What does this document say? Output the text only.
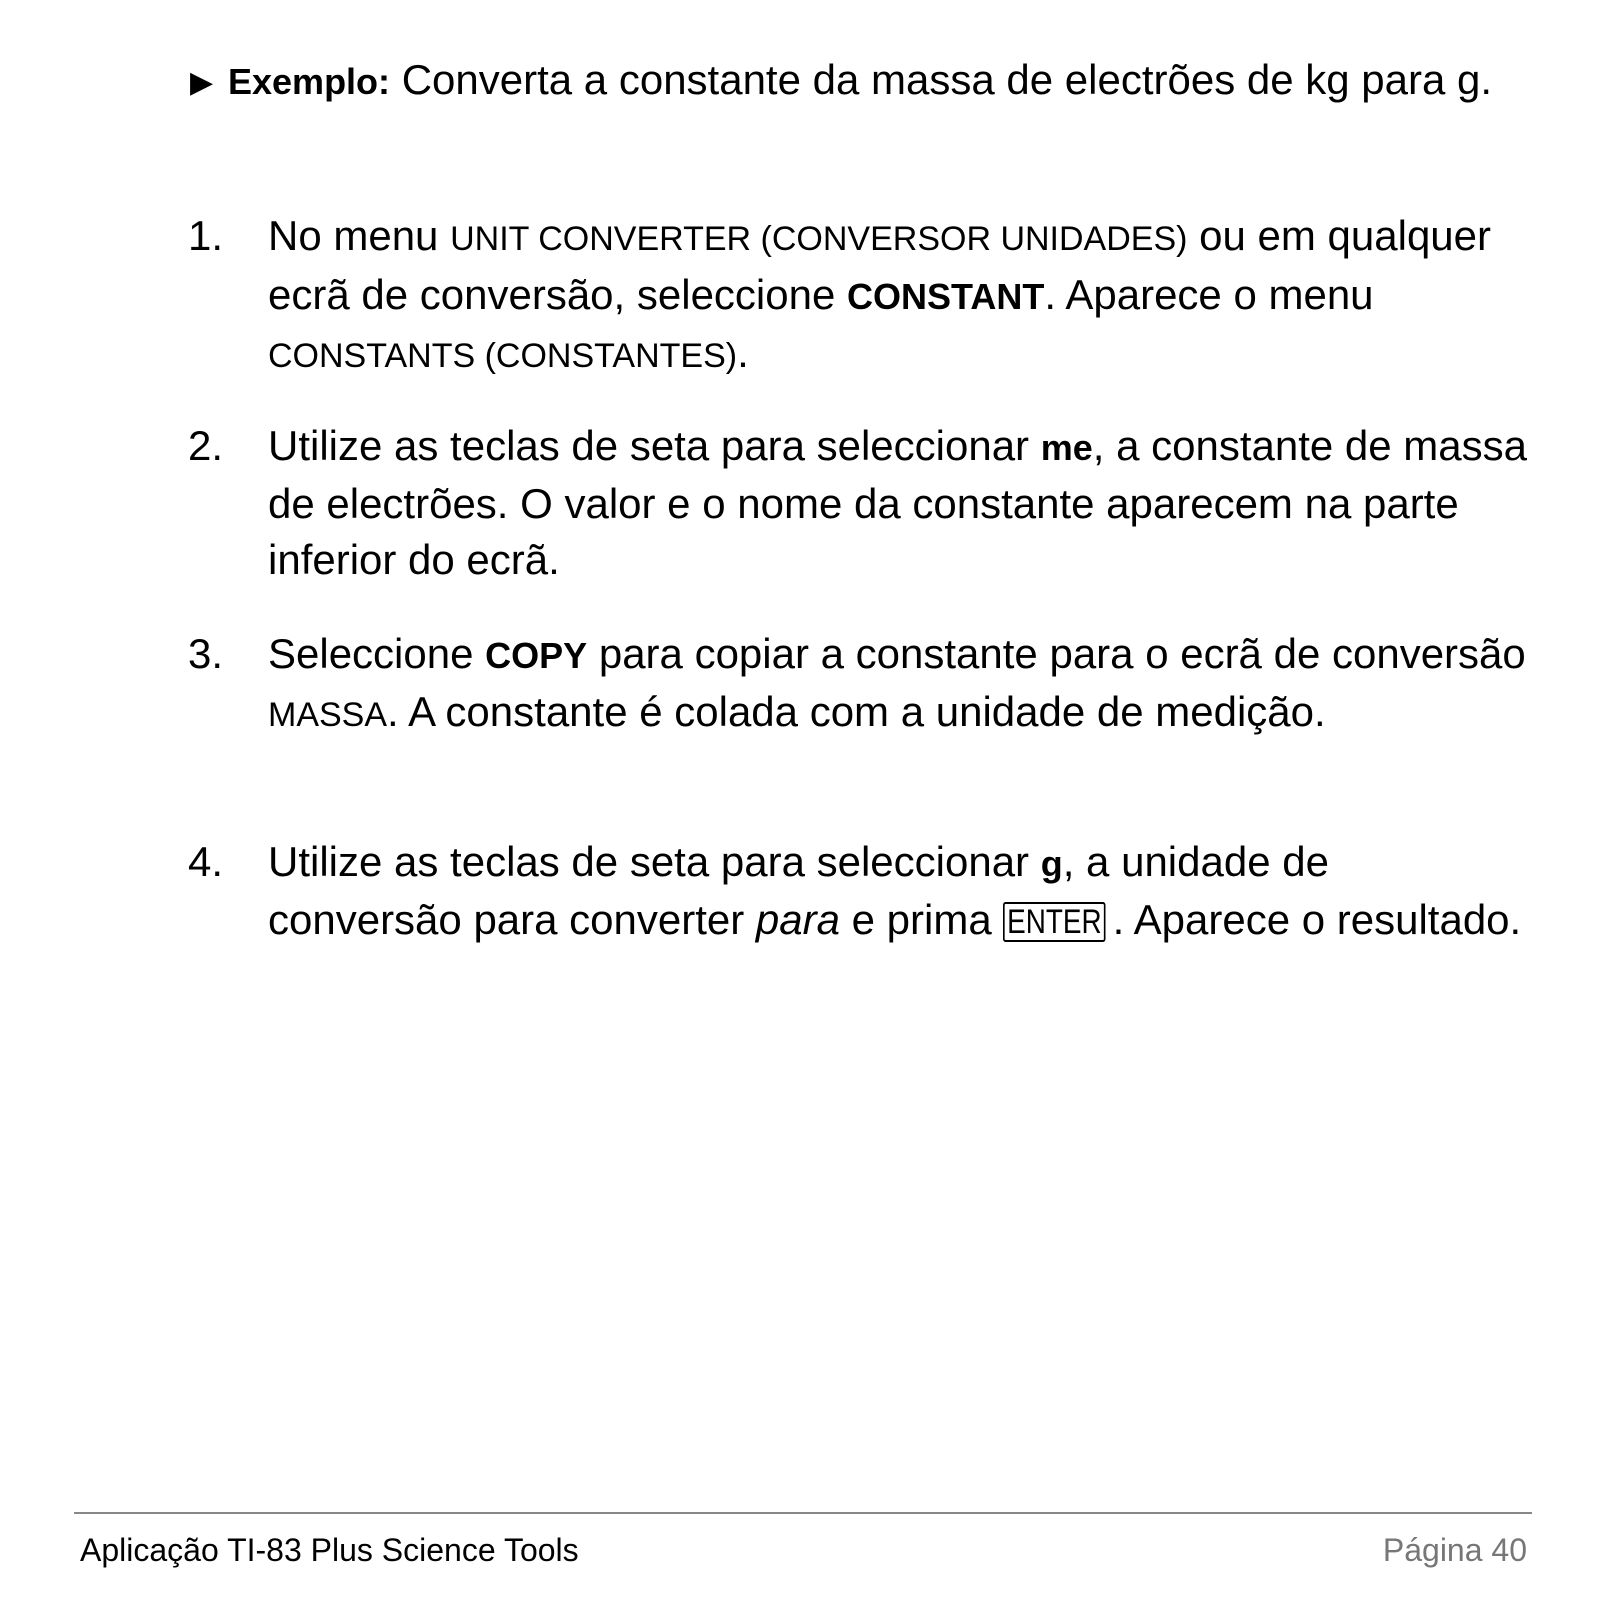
▶ Exemplo: Converta a constante da massa de electrões de kg para g.
1. No menu UNIT CONVERTER (CONVERSOR UNIDADES) ou em qualquer ecrã de conversão, seleccione CONSTANT. Aparece o menu CONSTANTS (CONSTANTES).
2. Utilize as teclas de seta para seleccionar me, a constante de massa de electrões. O valor e o nome da constante aparecem na parte inferior do ecrã.
3. Seleccione COPY para copiar a constante para o ecrã de conversão MASSA. A constante é colada com a unidade de medição.
4. Utilize as teclas de seta para seleccionar g, a unidade de conversão para converter para e prima ENTER . Aparece o resultado.
Aplicação TI-83 Plus Science Tools	Página 40
